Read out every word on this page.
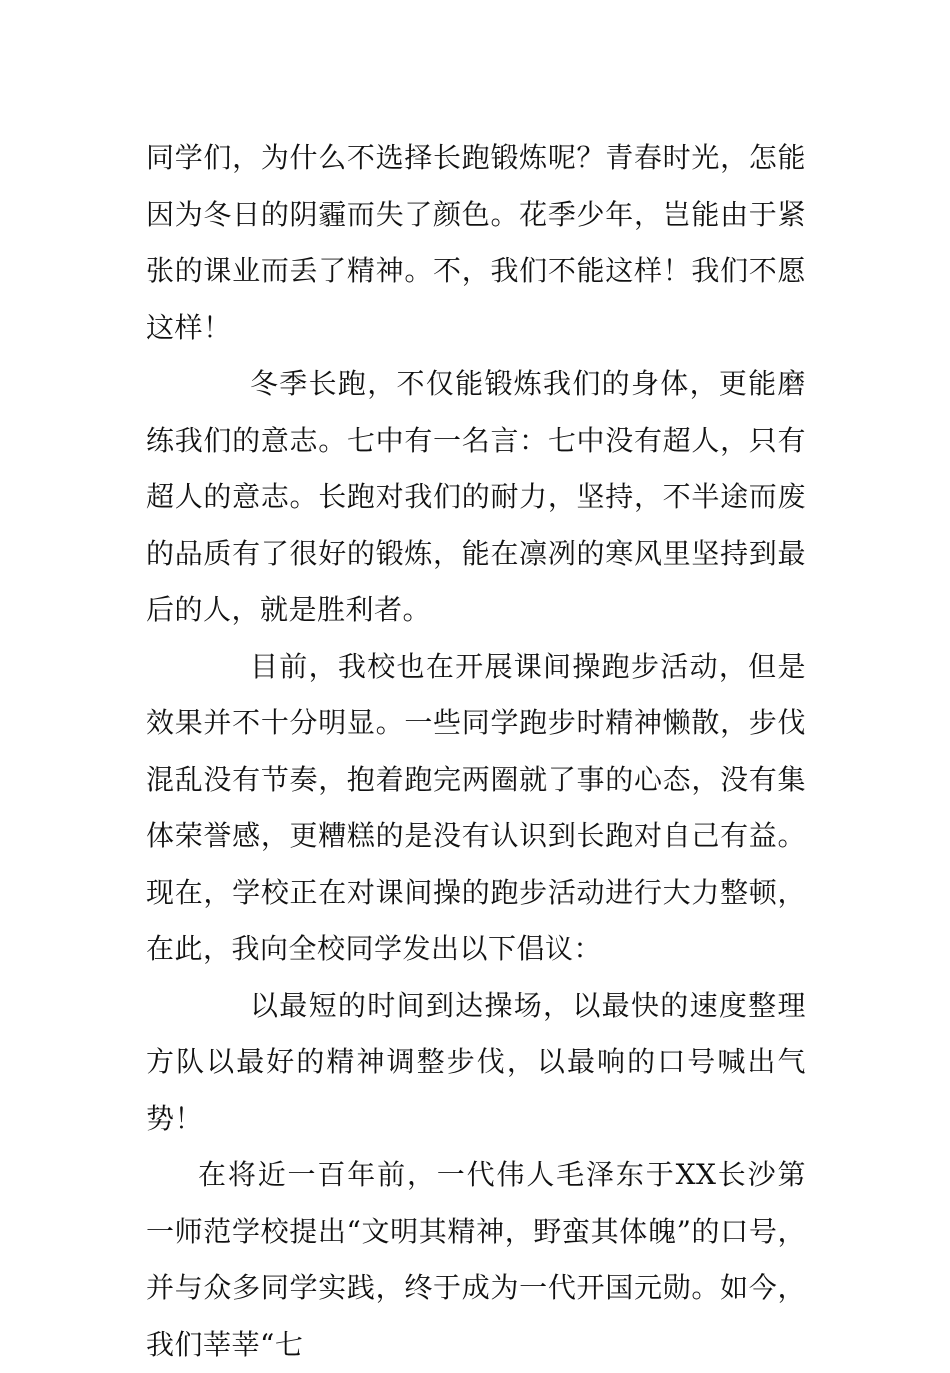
同学们，为什么不选择长跑锻炼呢？青春时光，怎能因为冬日的阴霾而失了颜色。花季少年，岂能由于紧张的课业而丢了精神。不，我们不能这样！我们不愿这样！

冬季长跑，不仅能锻炼我们的身体，更能磨练我们的意志。七中有一名言：七中没有超人，只有超人的意志。长跑对我们的耐力，坚持，不半途而废的品质有了很好的锻炼，能在凛冽的寒风里坚持到最后的人，就是胜利者。

目前，我校也在开展课间操跑步活动，但是效果并不十分明显。一些同学跑步时精神懒散，步伐混乱没有节奏，抱着跑完两圈就了事的心态，没有集体荣誉感，更糟糕的是没有认识到长跑对自己有益。现在，学校正在对课间操的跑步活动进行大力整顿，在此，我向全校同学发出以下倡议：

以最短的时间到达操场，以最快的速度整理方队以最好的精神调整步伐，以最响的口号喊出气势！

在将近一百年前，一代伟人毛泽东于XX长沙第一师范学校提出“文明其精神，野蛮其体魄”的口号，并与众多同学实践，终于成为一代开国元勋。如今，我们莘莘“七
